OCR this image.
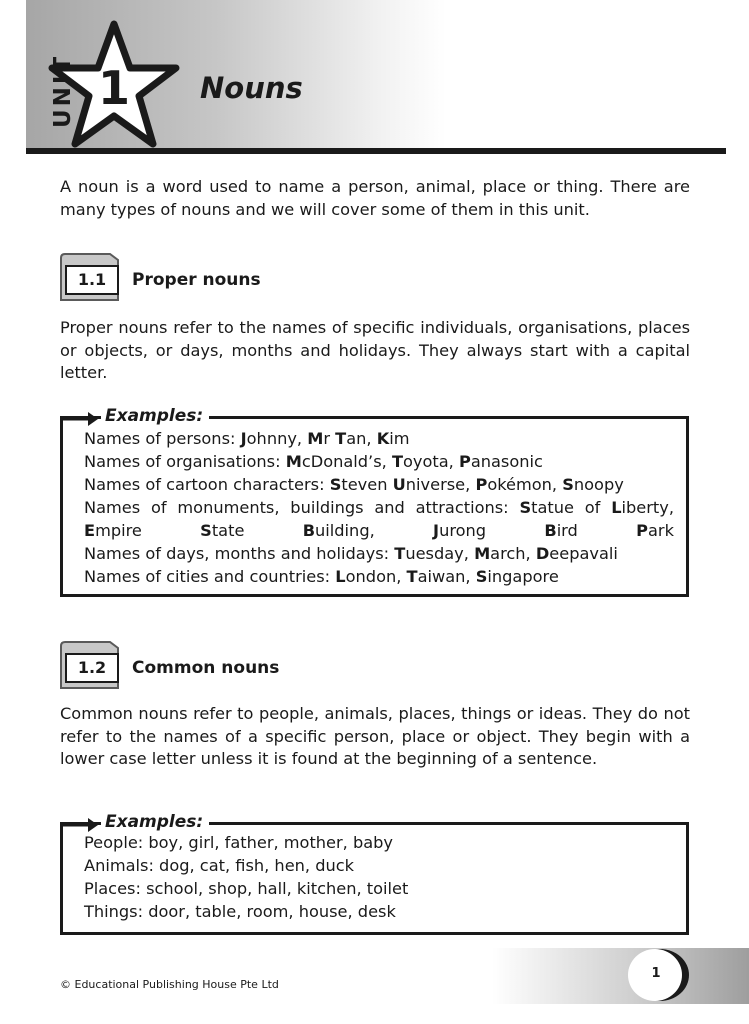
UNIT 1	Nouns

A noun is a word used to name a person, animal, place or thing. There are many types of nouns and we will cover some of them in this unit.

1.1	Proper nouns

Proper nouns refer to the names of specific individuals, organisations, places or objects, or days, months and holidays. They always start with a capital letter.

Examples:
Names of persons: Johnny, Mr Tan, Kim
Names of organisations: McDonald’s, Toyota, Panasonic
Names of cartoon characters: Steven Universe, Pokémon, Snoopy
Names of monuments, buildings and attractions: Statue of Liberty, Empire	State	Building,	Jurong	Bird	Park
Names of days, months and holidays: Tuesday, March, Deepavali
Names of cities and countries: London, Taiwan, Singapore
1.2	Common nouns

Common nouns refer to people, animals, places, things or ideas. They do not refer to the names of a specific person, place or object. They begin with a lower case letter unless it is found at the beginning of a sentence.

Examples:
People: boy, girl, father, mother, baby
Animals: dog, cat, fish, hen, duck
Places: school, shop, hall, kitchen, toilet
Things: door, table, room, house, desk
1
© Educational Publishing House Pte Ltd
